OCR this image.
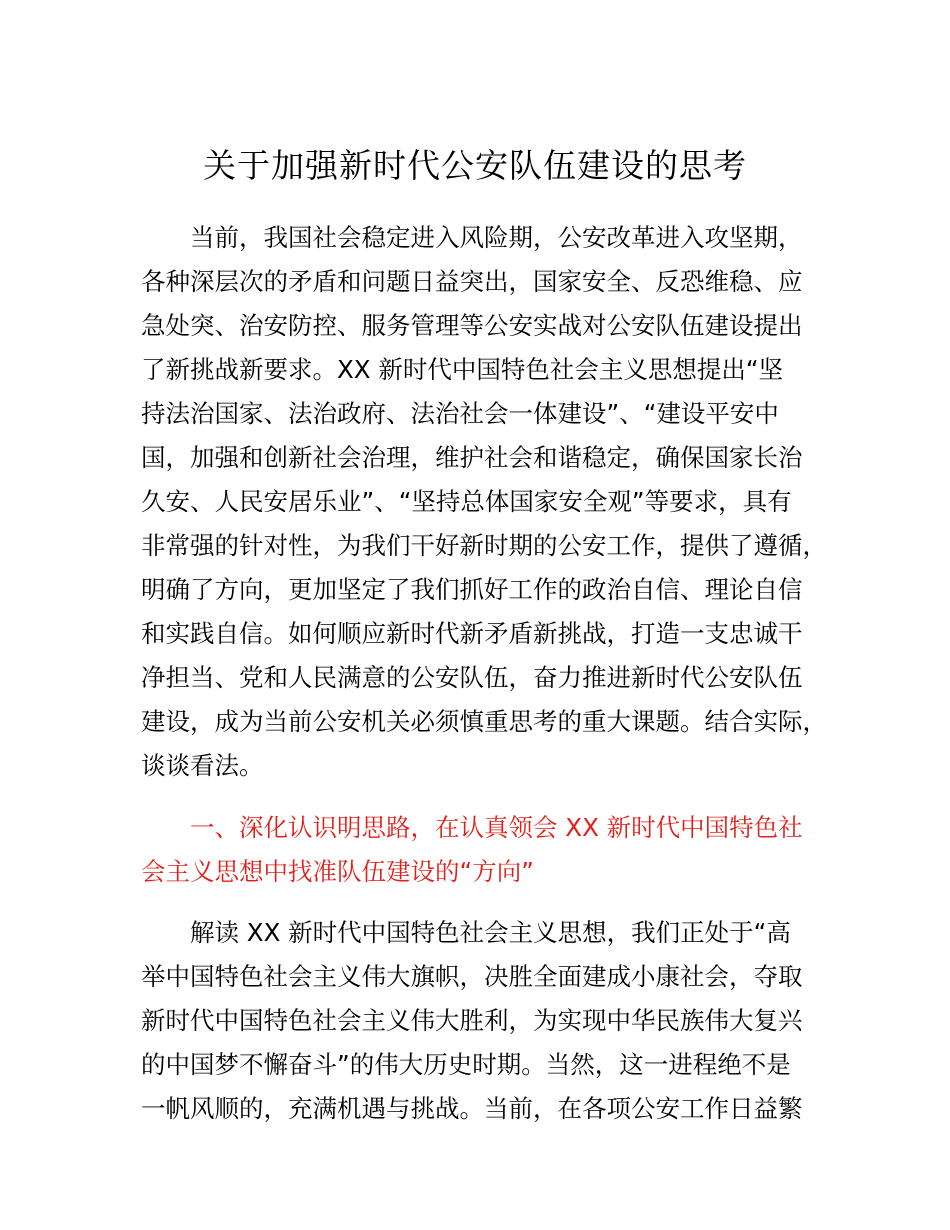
关于加强新时代公安队伍建设的思考

　　当前，我国社会稳定进入风险期，公安改革进入攻坚期，

各种深层次的矛盾和问题日益突出，国家安全、反恐维稳、应

急处突、治安防控、服务管理等公安实战对公安队伍建设提出

了新挑战新要求。XX 新时代中国特色社会主义思想提出“坚

持法治国家、法治政府、法治社会一体建设”、“建设平安中

国，加强和创新社会治理，维护社会和谐稳定，确保国家长治

久安、人民安居乐业”、“坚持总体国家安全观”等要求，具有

非常强的针对性，为我们干好新时期的公安工作，提供了遵循，

明确了方向，更加坚定了我们抓好工作的政治自信、理论自信

和实践自信。如何顺应新时代新矛盾新挑战，打造一支忠诚干

净担当、党和人民满意的公安队伍，奋力推进新时代公安队伍

建设，成为当前公安机关必须慎重思考的重大课题。结合实际，

谈谈看法。

　　一、深化认识明思路，在认真领会 XX 新时代中国特色社

会主义思想中找准队伍建设的“方向”

　　解读 XX 新时代中国特色社会主义思想，我们正处于“高

举中国特色社会主义伟大旗帜，决胜全面建成小康社会，夺取

新时代中国特色社会主义伟大胜利，为实现中华民族伟大复兴

的中国梦不懈奋斗”的伟大历史时期。当然，这一进程绝不是

一帆风顺的，充满机遇与挑战。当前，在各项公安工作日益繁
